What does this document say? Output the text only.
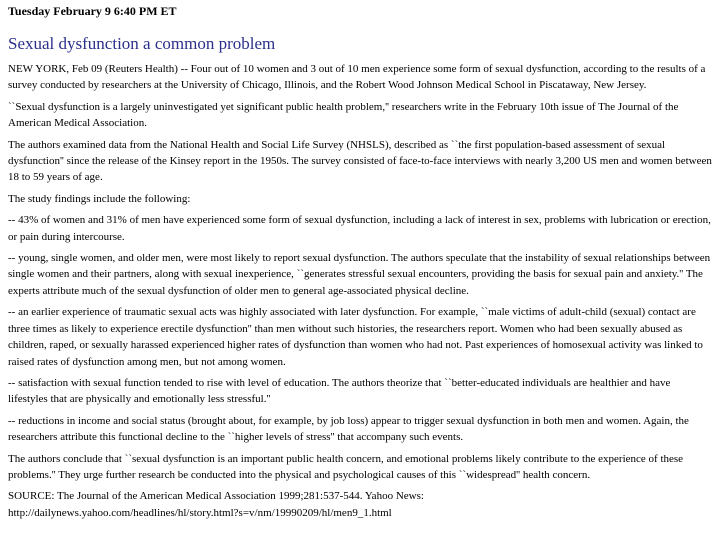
Tuesday February 9 6:40 PM ET
Sexual dysfunction a common problem

NEW YORK, Feb 09 (Reuters Health) -- Four out of 10 women and 3 out of 10 men experience some form of sexual dysfunction, according to the results of a survey conducted by researchers at the University of Chicago, Illinois, and the Robert Wood Johnson Medical School in Piscataway, New Jersey.

``Sexual dysfunction is a largely uninvestigated yet significant public health problem,'' researchers write in the February 10th issue of The Journal of the American Medical Association.

The authors examined data from the National Health and Social Life Survey (NHSLS), described as ``the first population-based assessment of sexual dysfunction'' since the release of the Kinsey report in the 1950s. The survey consisted of face-to-face interviews with nearly 3,200 US men and women between 18 to 59 years of age.

The study findings include the following:

-- 43% of women and 31% of men have experienced some form of sexual dysfunction, including a lack of interest in sex, problems with lubrication or erection, or pain during intercourse.

-- young, single women, and older men, were most likely to report sexual dysfunction. The authors speculate that the instability of sexual relationships between single women and their partners, along with sexual inexperience, ``generates stressful sexual encounters, providing the basis for sexual pain and anxiety.'' The experts attribute much of the sexual dysfunction of older men to general age-associated physical decline.

-- an earlier experience of traumatic sexual acts was highly associated with later dysfunction. For example, ``male victims of adult-child (sexual) contact are three times as likely to experience erectile dysfunction'' than men without such histories, the researchers report. Women who had been sexually abused as children, raped, or sexually harassed experienced higher rates of dysfunction than women who had not. Past experiences of homosexual activity was linked to raised rates of dysfunction among men, but not among women.

-- satisfaction with sexual function tended to rise with level of education. The authors theorize that ``better-educated individuals are healthier and have lifestyles that are physically and emotionally less stressful.''

-- reductions in income and social status (brought about, for example, by job loss) appear to trigger sexual dysfunction in both men and women. Again, the researchers attribute this functional decline to the ``higher levels of stress'' that accompany such events.

The authors conclude that ``sexual dysfunction is an important public health concern, and emotional problems likely contribute to the experience of these problems.'' They urge further research be conducted into the physical and psychological causes of this ``widespread'' health concern.

SOURCE: The Journal of the American Medical Association 1999;281:537-544. Yahoo News:
http://dailynews.yahoo.com/headlines/hl/story.html?s=v/nm/19990209/hl/men9_1.html
